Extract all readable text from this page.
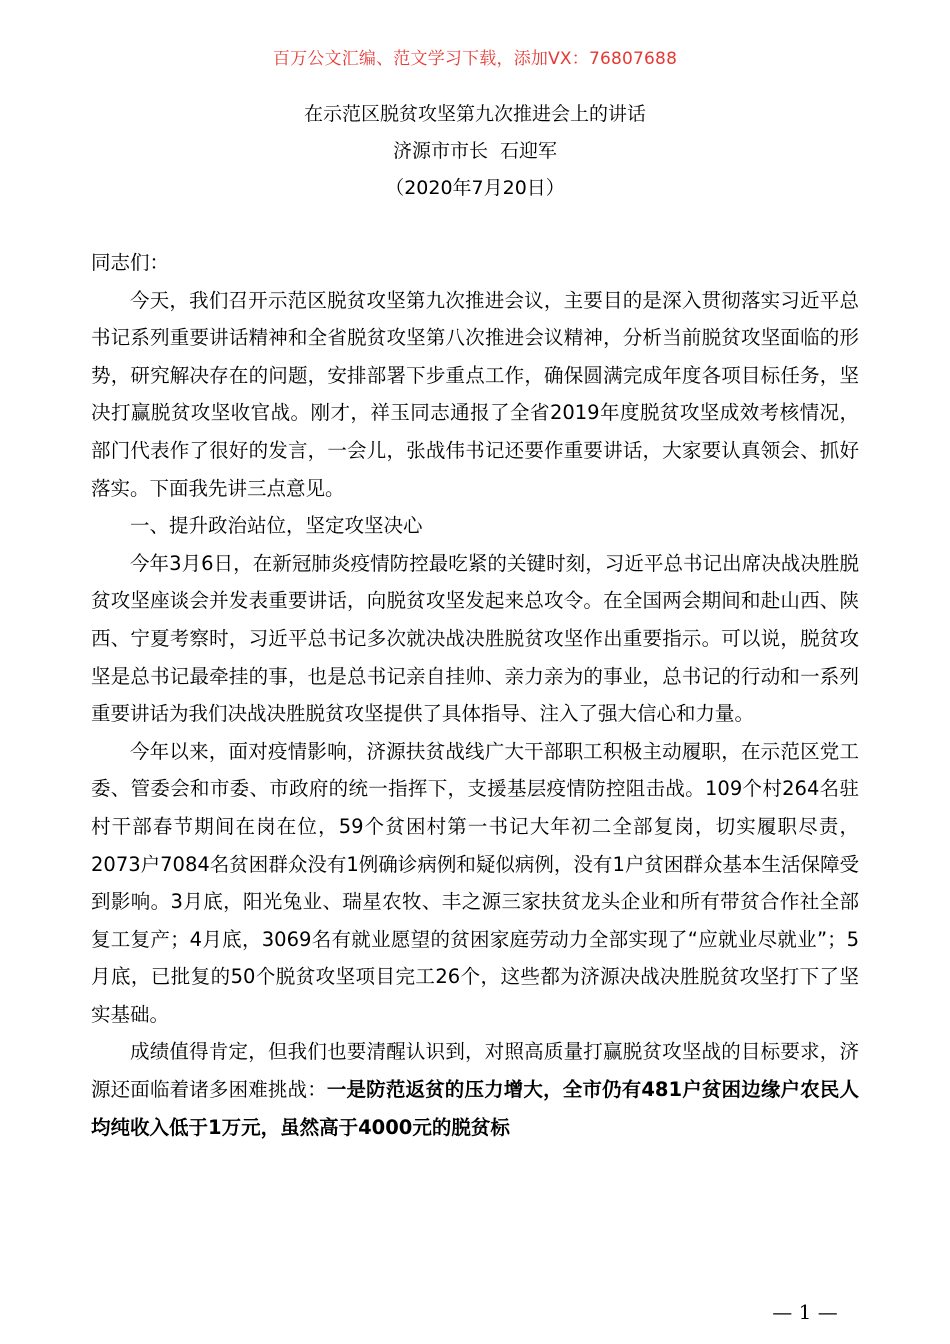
百万公文汇编、范文学习下载，添加VX：76807688
在示范区脱贫攻坚第九次推进会上的讲话
济源市市长  石迎军
（2020年7月20日）

同志们：

今天，我们召开示范区脱贫攻坚第九次推进会议，主要目的是深入贯彻落实习近平总书记系列重要讲话精神和全省脱贫攻坚第八次推进会议精神，分析当前脱贫攻坚面临的形势，研究解决存在的问题，安排部署下步重点工作，确保圆满完成年度各项目标任务，坚决打赢脱贫攻坚收官战。刚才，祥玉同志通报了全省2019年度脱贫攻坚成效考核情况，部门代表作了很好的发言，一会儿，张战伟书记还要作重要讲话，大家要认真领会、抓好落实。下面我先讲三点意见。

一、提升政治站位，坚定攻坚决心

今年3月6日，在新冠肺炎疫情防控最吃紧的关键时刻，习近平总书记出席决战决胜脱贫攻坚座谈会并发表重要讲话，向脱贫攻坚发起来总攻令。在全国两会期间和赴山西、陕西、宁夏考察时，习近平总书记多次就决战决胜脱贫攻坚作出重要指示。可以说，脱贫攻坚是总书记最牵挂的事，也是总书记亲自挂帅、亲力亲为的事业，总书记的行动和一系列重要讲话为我们决战决胜脱贫攻坚提供了具体指导、注入了强大信心和力量。

今年以来，面对疫情影响，济源扶贫战线广大干部职工积极主动履职，在示范区党工委、管委会和市委、市政府的统一指挥下，支援基层疫情防控阻击战。109个村264名驻村干部春节期间在岗在位，59个贫困村第一书记大年初二全部复岗，切实履职尽责，2073户7084名贫困群众没有1例确诊病例和疑似病例，没有1户贫困群众基本生活保障受到影响。3月底，阳光兔业、瑞星农牧、丰之源三家扶贫龙头企业和所有带贫合作社全部复工复产；4月底，3069名有就业愿望的贫困家庭劳动力全部实现了“应就业尽就业”；5月底，已批复的50个脱贫攻坚项目完工26个，这些都为济源决战决胜脱贫攻坚打下了坚实基础。

成绩值得肯定，但我们也要清醒认识到，对照高质量打赢脱贫攻坚战的目标要求，济源还面临着诸多困难挑战：一是防范返贫的压力增大，全市仍有481户贫困边缘户农民人均纯收入低于1万元，虽然高于4000元的脱贫标

— 1 —
